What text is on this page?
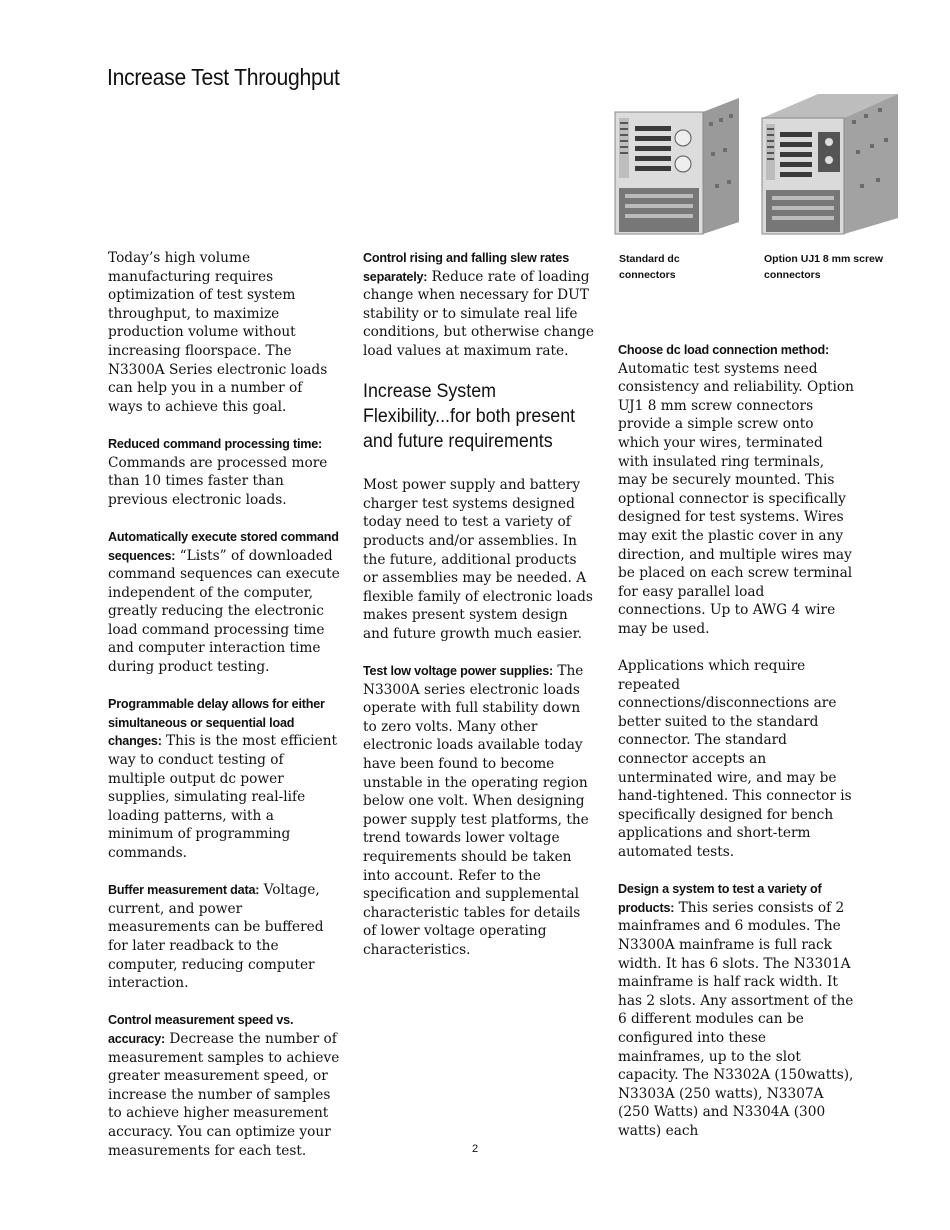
Increase Test Throughput
Standard dc connectors
Option UJ1 8 mm screw connectors

Today’s high volume manufacturing requires optimization of test system throughput, to maximize production volume without increasing floorspace. The N3300A Series electronic loads can help you in a number of ways to achieve this goal.

Reduced command processing time: Commands are processed more than 10 times faster than previous electronic loads.

Automatically execute stored command sequences: “Lists” of downloaded command sequences can execute independent of the computer, greatly reducing the electronic load command processing time and computer interaction time during product testing.

Programmable delay allows for either simultaneous or sequential load changes: This is the most efficient way to conduct testing of multiple output dc power supplies, simulating real-life loading patterns, with a minimum of programming commands.

Buffer measurement data: Voltage, current, and power measurements can be buffered for later readback to the computer, reducing computer interaction.

Control measurement speed vs. accuracy: Decrease the number of measurement samples to achieve greater measurement speed, or increase the number of samples to achieve higher measurement accuracy. You can optimize your measurements for each test.

Control rising and falling slew rates separately: Reduce rate of loading change when necessary for DUT stability or to simulate real life conditions, but otherwise change load values at maximum rate.

Increase System Flexibility...for both present and future requirements

Most power supply and battery charger test systems designed today need to test a variety of products and/or assemblies. In the future, additional products or assemblies may be needed. A flexible family of electronic loads makes present system design and future growth much easier.

Test low voltage power supplies: The N3300A series electronic loads operate with full stability down to zero volts. Many other electronic loads available today have been found to become unstable in the operating region below one volt. When designing power supply test platforms, the trend towards lower voltage requirements should be taken into account. Refer to the specification and supplemental characteristic tables for details of lower voltage operating characteristics.

Choose dc load connection method: Automatic test systems need consistency and reliability. Option UJ1 8 mm screw connectors provide a simple screw onto which your wires, terminated with insulated ring terminals, may be securely mounted. This optional connector is specifically designed for test systems. Wires may exit the plastic cover in any direction, and multiple wires may be placed on each screw terminal for easy parallel load connections. Up to AWG 4 wire may be used.

Applications which require repeated connections/disconnections are better suited to the standard connector. The standard connector accepts an unterminated wire, and may be hand-tightened. This connector is specifically designed for bench applications and short-term automated tests.

Design a system to test a variety of products: This series consists of 2 mainframes and 6 modules. The N3300A mainframe is full rack width. It has 6 slots. The N3301A mainframe is half rack width. It has 2 slots. Any assortment of the 6 different modules can be configured into these mainframes, up to the slot capacity. The N3302A (150watts), N3303A (250 watts), N3307A (250 Watts) and N3304A (300 watts) each

2
